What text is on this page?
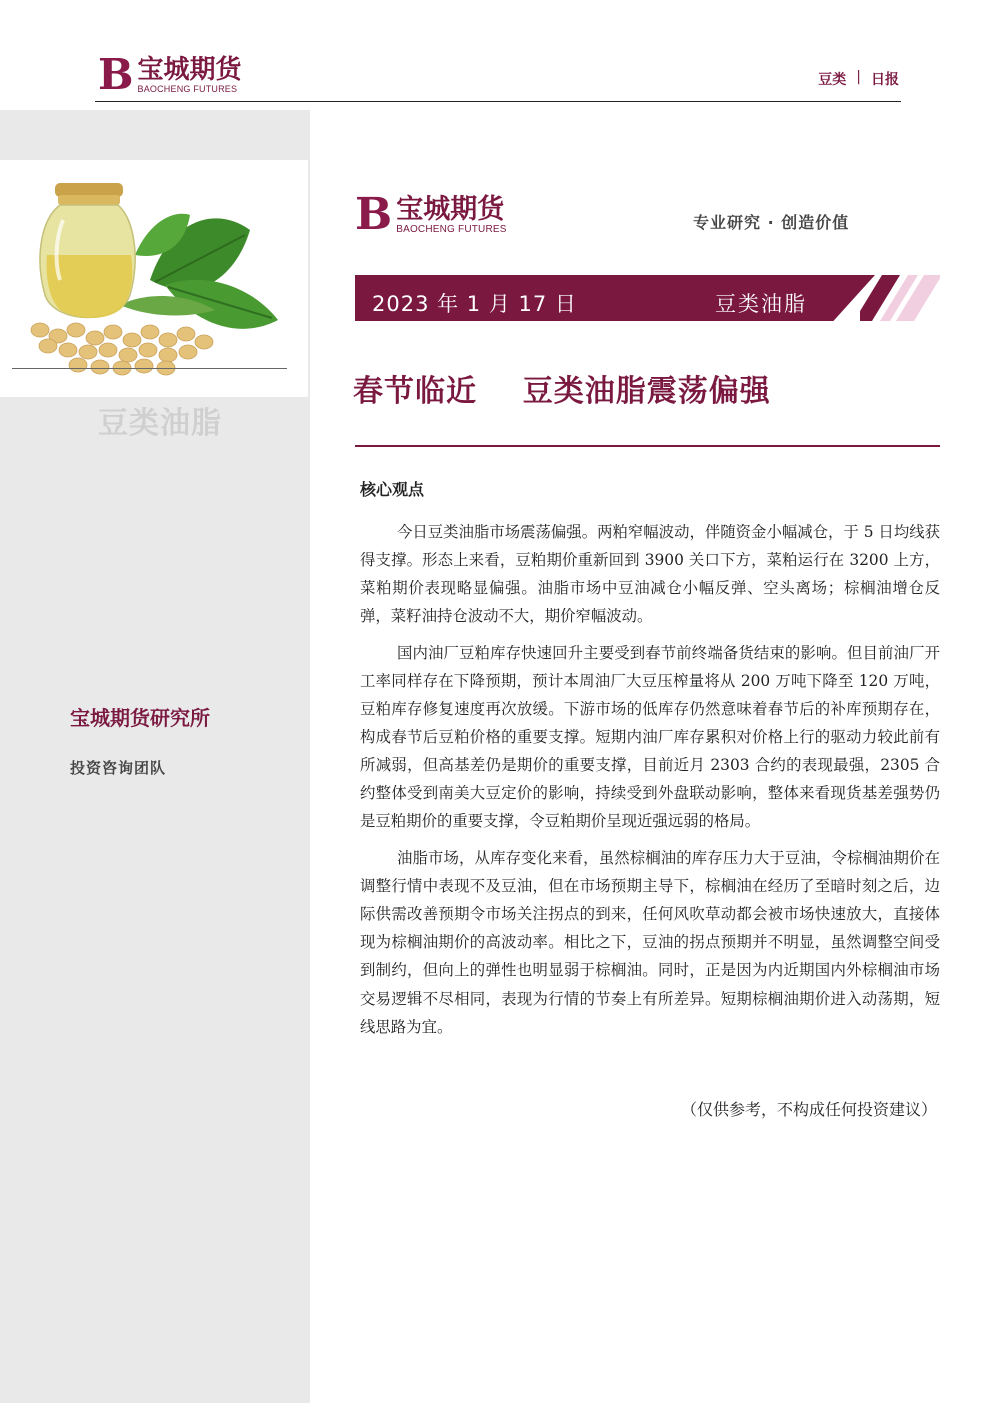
B 宝城期货
BAOCHENG FUTURES
豆类 | 日报
豆类油脂
宝城期货研究所
投资咨询团队
B 宝城期货
BAOCHENG FUTURES	专业研究 · 创造价值
2023 年 1 月 17 日	豆类油脂
春节临近    豆类油脂震荡偏强
核心观点

今日豆类油脂市场震荡偏强。两粕窄幅波动，伴随资金小幅减仓，于 5 日均线获得支撑。形态上来看，豆粕期价重新回到 3900 关口下方，菜粕运行在 3200 上方，菜粕期价表现略显偏强。油脂市场中豆油减仓小幅反弹、空头离场；棕榈油增仓反弹，菜籽油持仓波动不大，期价窄幅波动。

国内油厂豆粕库存快速回升主要受到春节前终端备货结束的影响。但目前油厂开工率同样存在下降预期，预计本周油厂大豆压榨量将从 200 万吨下降至 120 万吨，豆粕库存修复速度再次放缓。下游市场的低库存仍然意味着春节后的补库预期存在，构成春节后豆粕价格的重要支撑。短期内油厂库存累积对价格上行的驱动力较此前有所减弱，但高基差仍是期价的重要支撑，目前近月 2303 合约的表现最强，2305 合约整体受到南美大豆定价的影响，持续受到外盘联动影响，整体来看现货基差强势仍是豆粕期价的重要支撑，令豆粕期价呈现近强远弱的格局。

油脂市场，从库存变化来看，虽然棕榈油的库存压力大于豆油，令棕榈油期价在调整行情中表现不及豆油，但在市场预期主导下，棕榈油在经历了至暗时刻之后，边际供需改善预期令市场关注拐点的到来，任何风吹草动都会被市场快速放大，直接体现为棕榈油期价的高波动率。相比之下，豆油的拐点预期并不明显，虽然调整空间受到制约，但向上的弹性也明显弱于棕榈油。同时，正是因为内近期国内外棕榈油市场交易逻辑不尽相同，表现为行情的节奏上有所差异。短期棕榈油期价进入动荡期，短线思路为宜。

（仅供参考，不构成任何投资建议）
